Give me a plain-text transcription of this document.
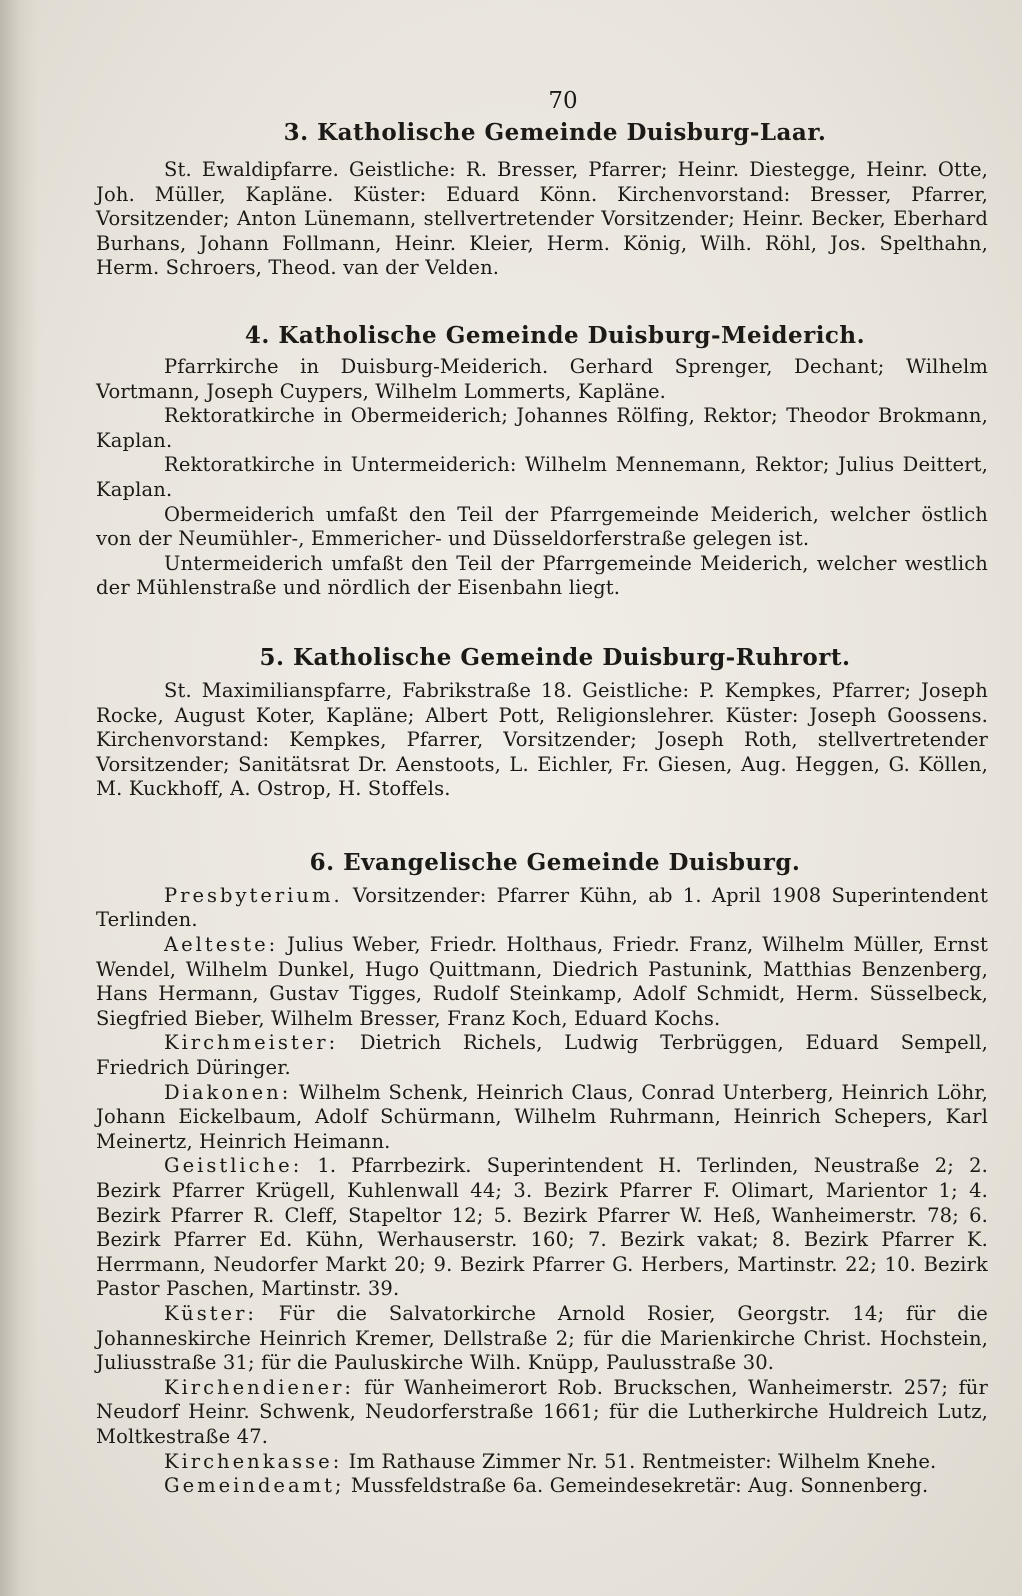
70
3. Katholische Gemeinde Duisburg-Laar.

St. Ewaldipfarre. Geistliche: R. Bresser, Pfarrer; Heinr. Diestegge, Heinr. Otte, Joh. Müller, Kapläne. Küster: Eduard Könn. Kirchenvorstand: Bresser, Pfarrer, Vorsitzender; Anton Lünemann, stellvertretender Vorsitzender; Heinr. Becker, Eberhard Burhans, Johann Follmann, Heinr. Kleier, Herm. König, Wilh. Röhl, Jos. Spelthahn, Herm. Schroers, Theod. van der Velden.

4. Katholische Gemeinde Duisburg-Meiderich.

Pfarrkirche in Duisburg-Meiderich. Gerhard Sprenger, Dechant; Wilhelm Vortmann, Joseph Cuypers, Wilhelm Lommerts, Kapläne.

Rektoratkirche in Obermeiderich; Johannes Rölfing, Rektor; Theodor Brokmann, Kaplan.

Rektoratkirche in Untermeiderich: Wilhelm Mennemann, Rektor; Julius Deittert, Kaplan.

Obermeiderich umfaßt den Teil der Pfarrgemeinde Meiderich, welcher östlich von der Neumühler-, Emmericher- und Düsseldorferstraße gelegen ist.

Untermeiderich umfaßt den Teil der Pfarrgemeinde Meiderich, welcher westlich der Mühlenstraße und nördlich der Eisenbahn liegt.

5. Katholische Gemeinde Duisburg-Ruhrort.

St. Maximilianspfarre, Fabrikstraße 18. Geistliche: P. Kempkes, Pfarrer; Joseph Rocke, August Koter, Kapläne; Albert Pott, Religionslehrer. Küster: Joseph Goossens. Kirchenvorstand: Kempkes, Pfarrer, Vorsitzender; Joseph Roth, stellvertretender Vorsitzender; Sanitätsrat Dr. Aenstoots, L. Eichler, Fr. Giesen, Aug. Heggen, G. Köllen, M. Kuckhoff, A. Ostrop, H. Stoffels.

6. Evangelische Gemeinde Duisburg.

Presbyterium. Vorsitzender: Pfarrer Kühn, ab 1. April 1908 Superintendent Terlinden.

Aelteste: Julius Weber, Friedr. Holthaus, Friedr. Franz, Wilhelm Müller, Ernst Wendel, Wilhelm Dunkel, Hugo Quittmann, Diedrich Pastunink, Matthias Benzenberg, Hans Hermann, Gustav Tigges, Rudolf Steinkamp, Adolf Schmidt, Herm. Süsselbeck, Siegfried Bieber, Wilhelm Bresser, Franz Koch, Eduard Kochs.

Kirchmeister: Dietrich Richels, Ludwig Terbrüggen, Eduard Sempell, Friedrich Düringer.

Diakonen: Wilhelm Schenk, Heinrich Claus, Conrad Unterberg, Heinrich Löhr, Johann Eickelbaum, Adolf Schürmann, Wilhelm Ruhrmann, Heinrich Schepers, Karl Meinertz, Heinrich Heimann.

Geistliche: 1. Pfarrbezirk. Superintendent H. Terlinden, Neustraße 2; 2. Bezirk Pfarrer Krügell, Kuhlenwall 44; 3. Bezirk Pfarrer F. Olimart, Marientor 1; 4. Bezirk Pfarrer R. Cleff, Stapeltor 12; 5. Bezirk Pfarrer W. Heß, Wanheimerstr. 78; 6. Bezirk Pfarrer Ed. Kühn, Werhauserstr. 160; 7. Bezirk vakat; 8. Bezirk Pfarrer K. Herrmann, Neudorfer Markt 20; 9. Bezirk Pfarrer G. Herbers, Martinstr. 22; 10. Bezirk Pastor Paschen, Martinstr. 39.

Küster: Für die Salvatorkirche Arnold Rosier, Georgstr. 14; für die Johanneskirche Heinrich Kremer, Dellstraße 2; für die Marienkirche Christ. Hochstein, Juliusstraße 31; für die Pauluskirche Wilh. Knüpp, Paulusstraße 30.

Kirchendiener: für Wanheimerort Rob. Bruckschen, Wanheimerstr. 257; für Neudorf Heinr. Schwenk, Neudorferstraße 1661; für die Lutherkirche Huldreich Lutz, Moltkestraße 47.

Kirchenkasse: Im Rathause Zimmer Nr. 51. Rentmeister: Wilhelm Knehe.

Gemeindeamt; Mussfeldstraße 6a. Gemeindesekretär: Aug. Sonnenberg.
